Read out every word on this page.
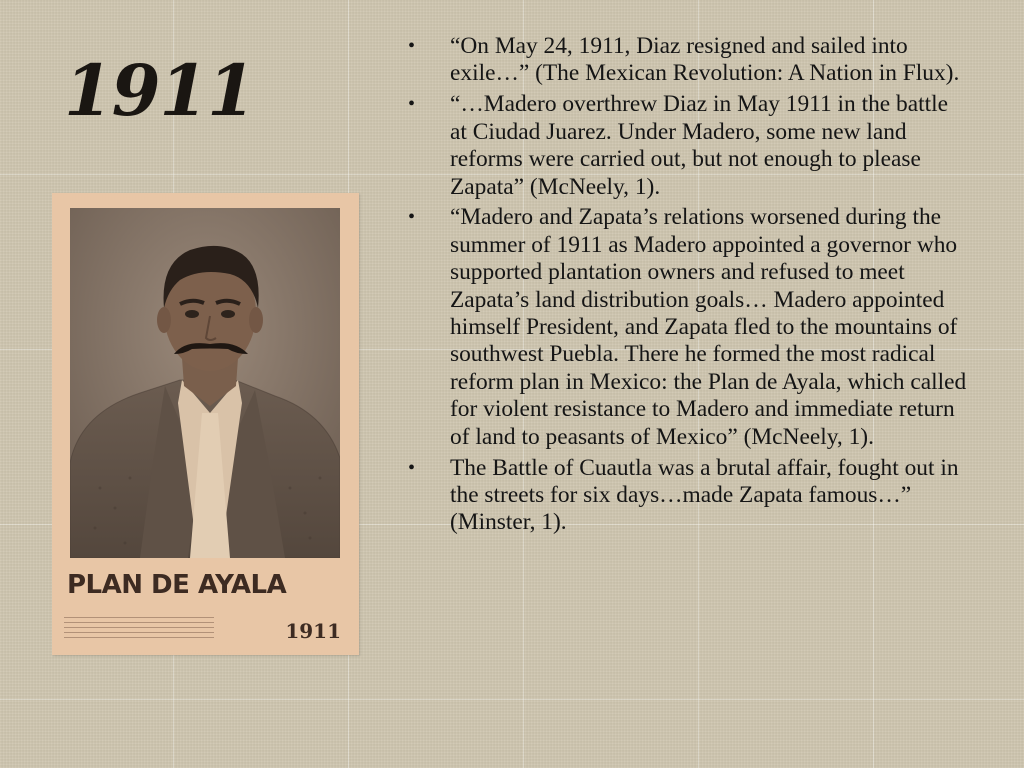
1911
PLAN DE AYALA
1911
• “On May 24, 1911, Diaz resigned and sailed into exile…” (The Mexican Revolution: A Nation in Flux).
• “…Madero overthrew Diaz in May 1911 in the battle at Ciudad Juarez. Under Madero, some new land reforms were carried out, but not enough to please Zapata” (McNeely, 1).
• “Madero and Zapata’s relations worsened during the summer of 1911 as Madero appointed a governor who supported plantation owners and refused to meet Zapata’s land distribution goals… Madero appointed himself President, and Zapata fled to the mountains of southwest Puebla. There he formed the most radical reform plan in Mexico: the Plan de Ayala, which called for violent resistance to Madero and immediate return of land to peasants of Mexico” (McNeely, 1).
• The Battle of Cuautla was a brutal affair, fought out in the streets for six days…made Zapata famous…” (Minster, 1).
